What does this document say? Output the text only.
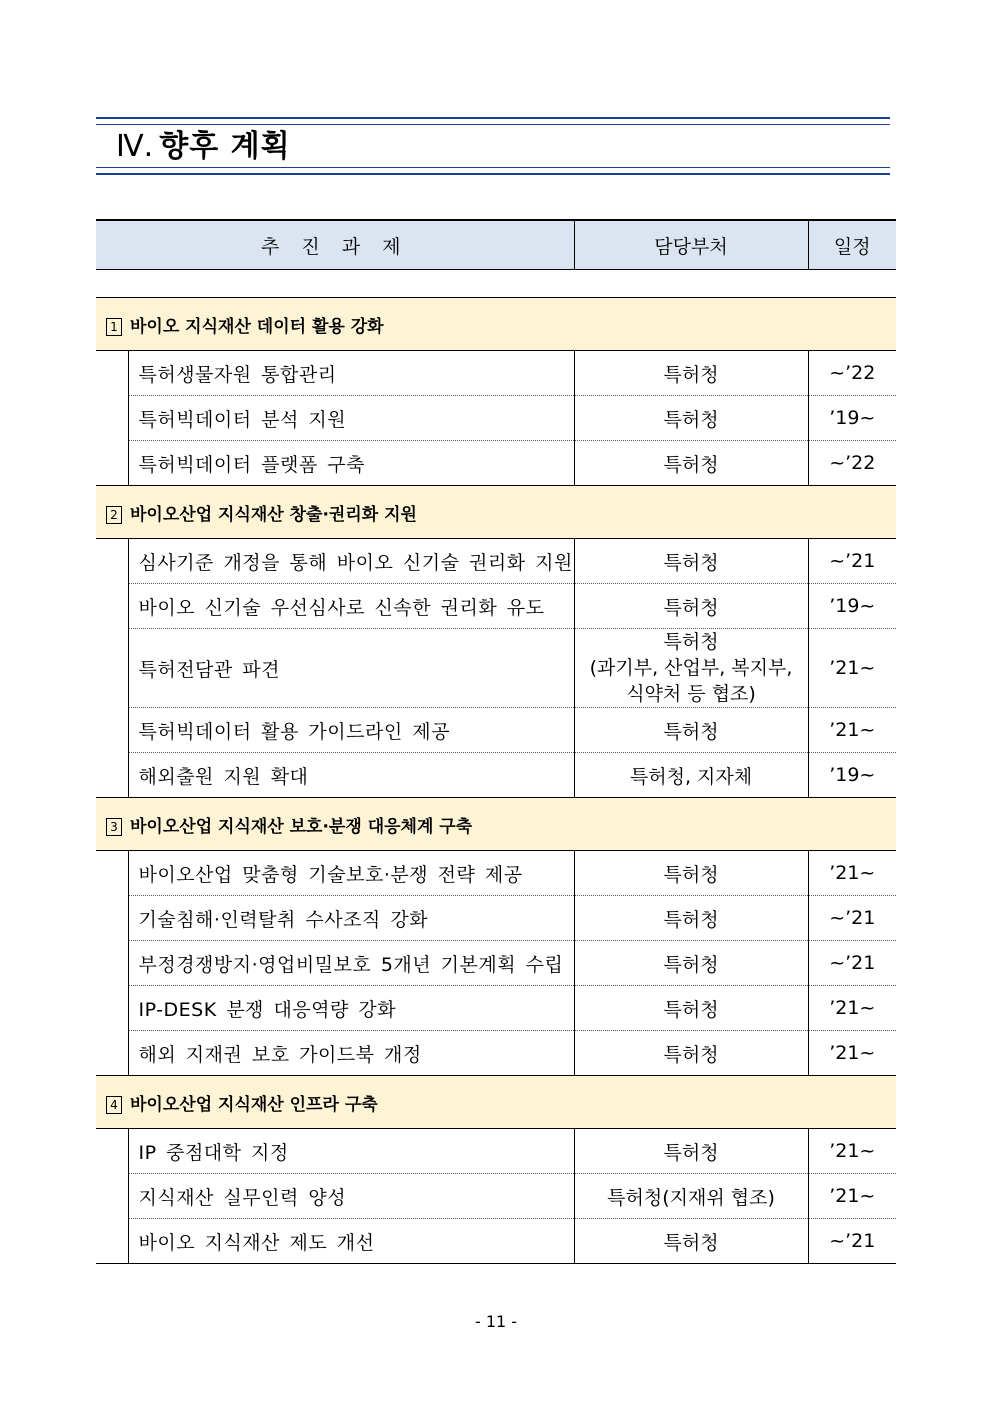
Ⅳ. 향후 계획
추 진 과 제		담당부처	일정

1 바이오 지식재산 데이터 활용 강화			
	특허생물자원 통합관리	특허청	~’22
	특허빅데이터 분석 지원	특허청	’19~
	특허빅데이터 플랫폼 구축	특허청	~’22
2 바이오산업 지식재산 창출·권리화 지원			
	심사기준 개정을 통해 바이오 신기술 권리화 지원	특허청	~’21
	바이오 신기술 우선심사로 신속한 권리화 유도	특허청	’19~
	특허전담관 파견	특허청
(과기부, 산업부, 복지부,
식약처 등 협조)	’21~
	특허빅데이터 활용 가이드라인 제공	특허청	’21~
	해외출원 지원 확대	특허청, 지자체	’19~
3 바이오산업 지식재산 보호·분쟁 대응체계 구축			
	바이오산업 맞춤형 기술보호·분쟁 전략 제공	특허청	’21~
	기술침해·인력탈취 수사조직 강화	특허청	~’21
	부정경쟁방지·영업비밀보호 5개년 기본계획 수립	특허청	~’21
	IP-DESK 분쟁 대응역량 강화	특허청	’21~
	해외 지재권 보호 가이드북 개정	특허청	’21~
4 바이오산업 지식재산 인프라 구축			
	IP 중점대학 지정	특허청	’21~
	지식재산 실무인력 양성	특허청(지재위 협조)	’21~
	바이오 지식재산 제도 개선	특허청	~’21
- 11 -
